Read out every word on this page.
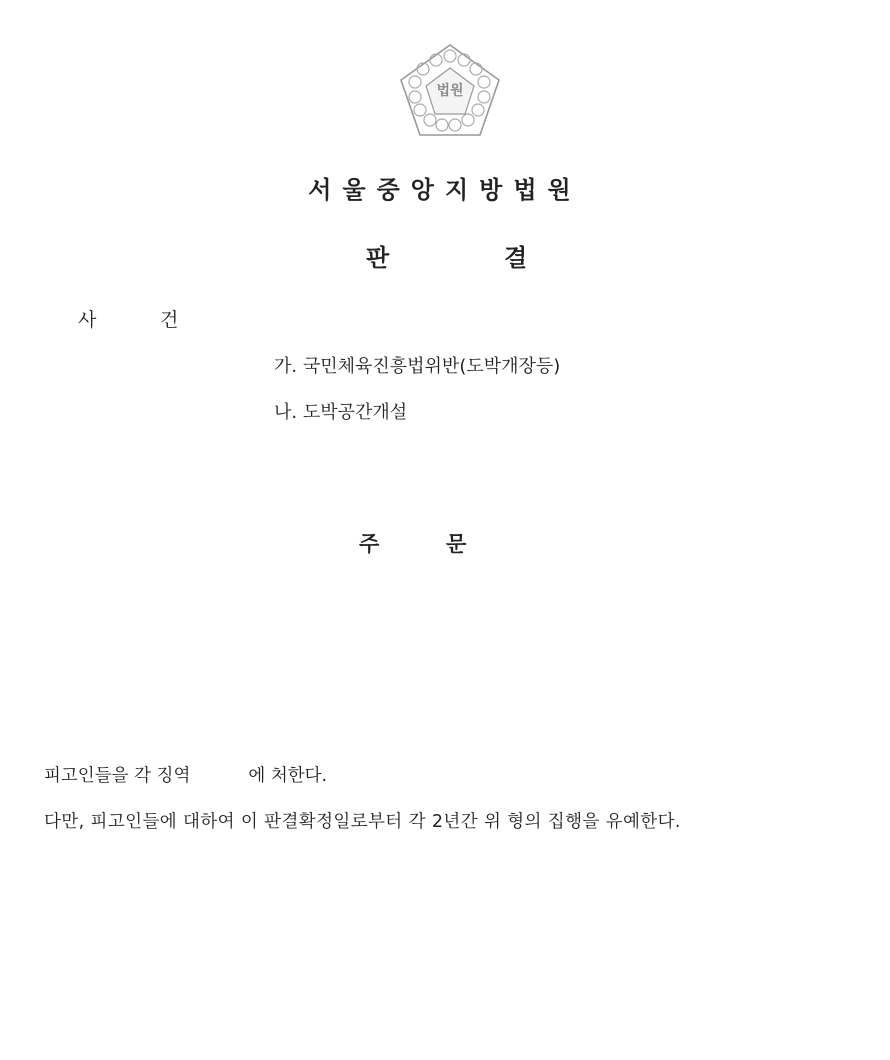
법원
서울중앙지방법원
판	결
사	건
가. 국민체육진흥법위반(도박개장등)
나. 도박공간개설
주	문
피고인들을 각 징역	에 처한다.
다만, 피고인들에 대하여 이 판결확정일로부터 각 2년간 위 형의 집행을 유예한다.
